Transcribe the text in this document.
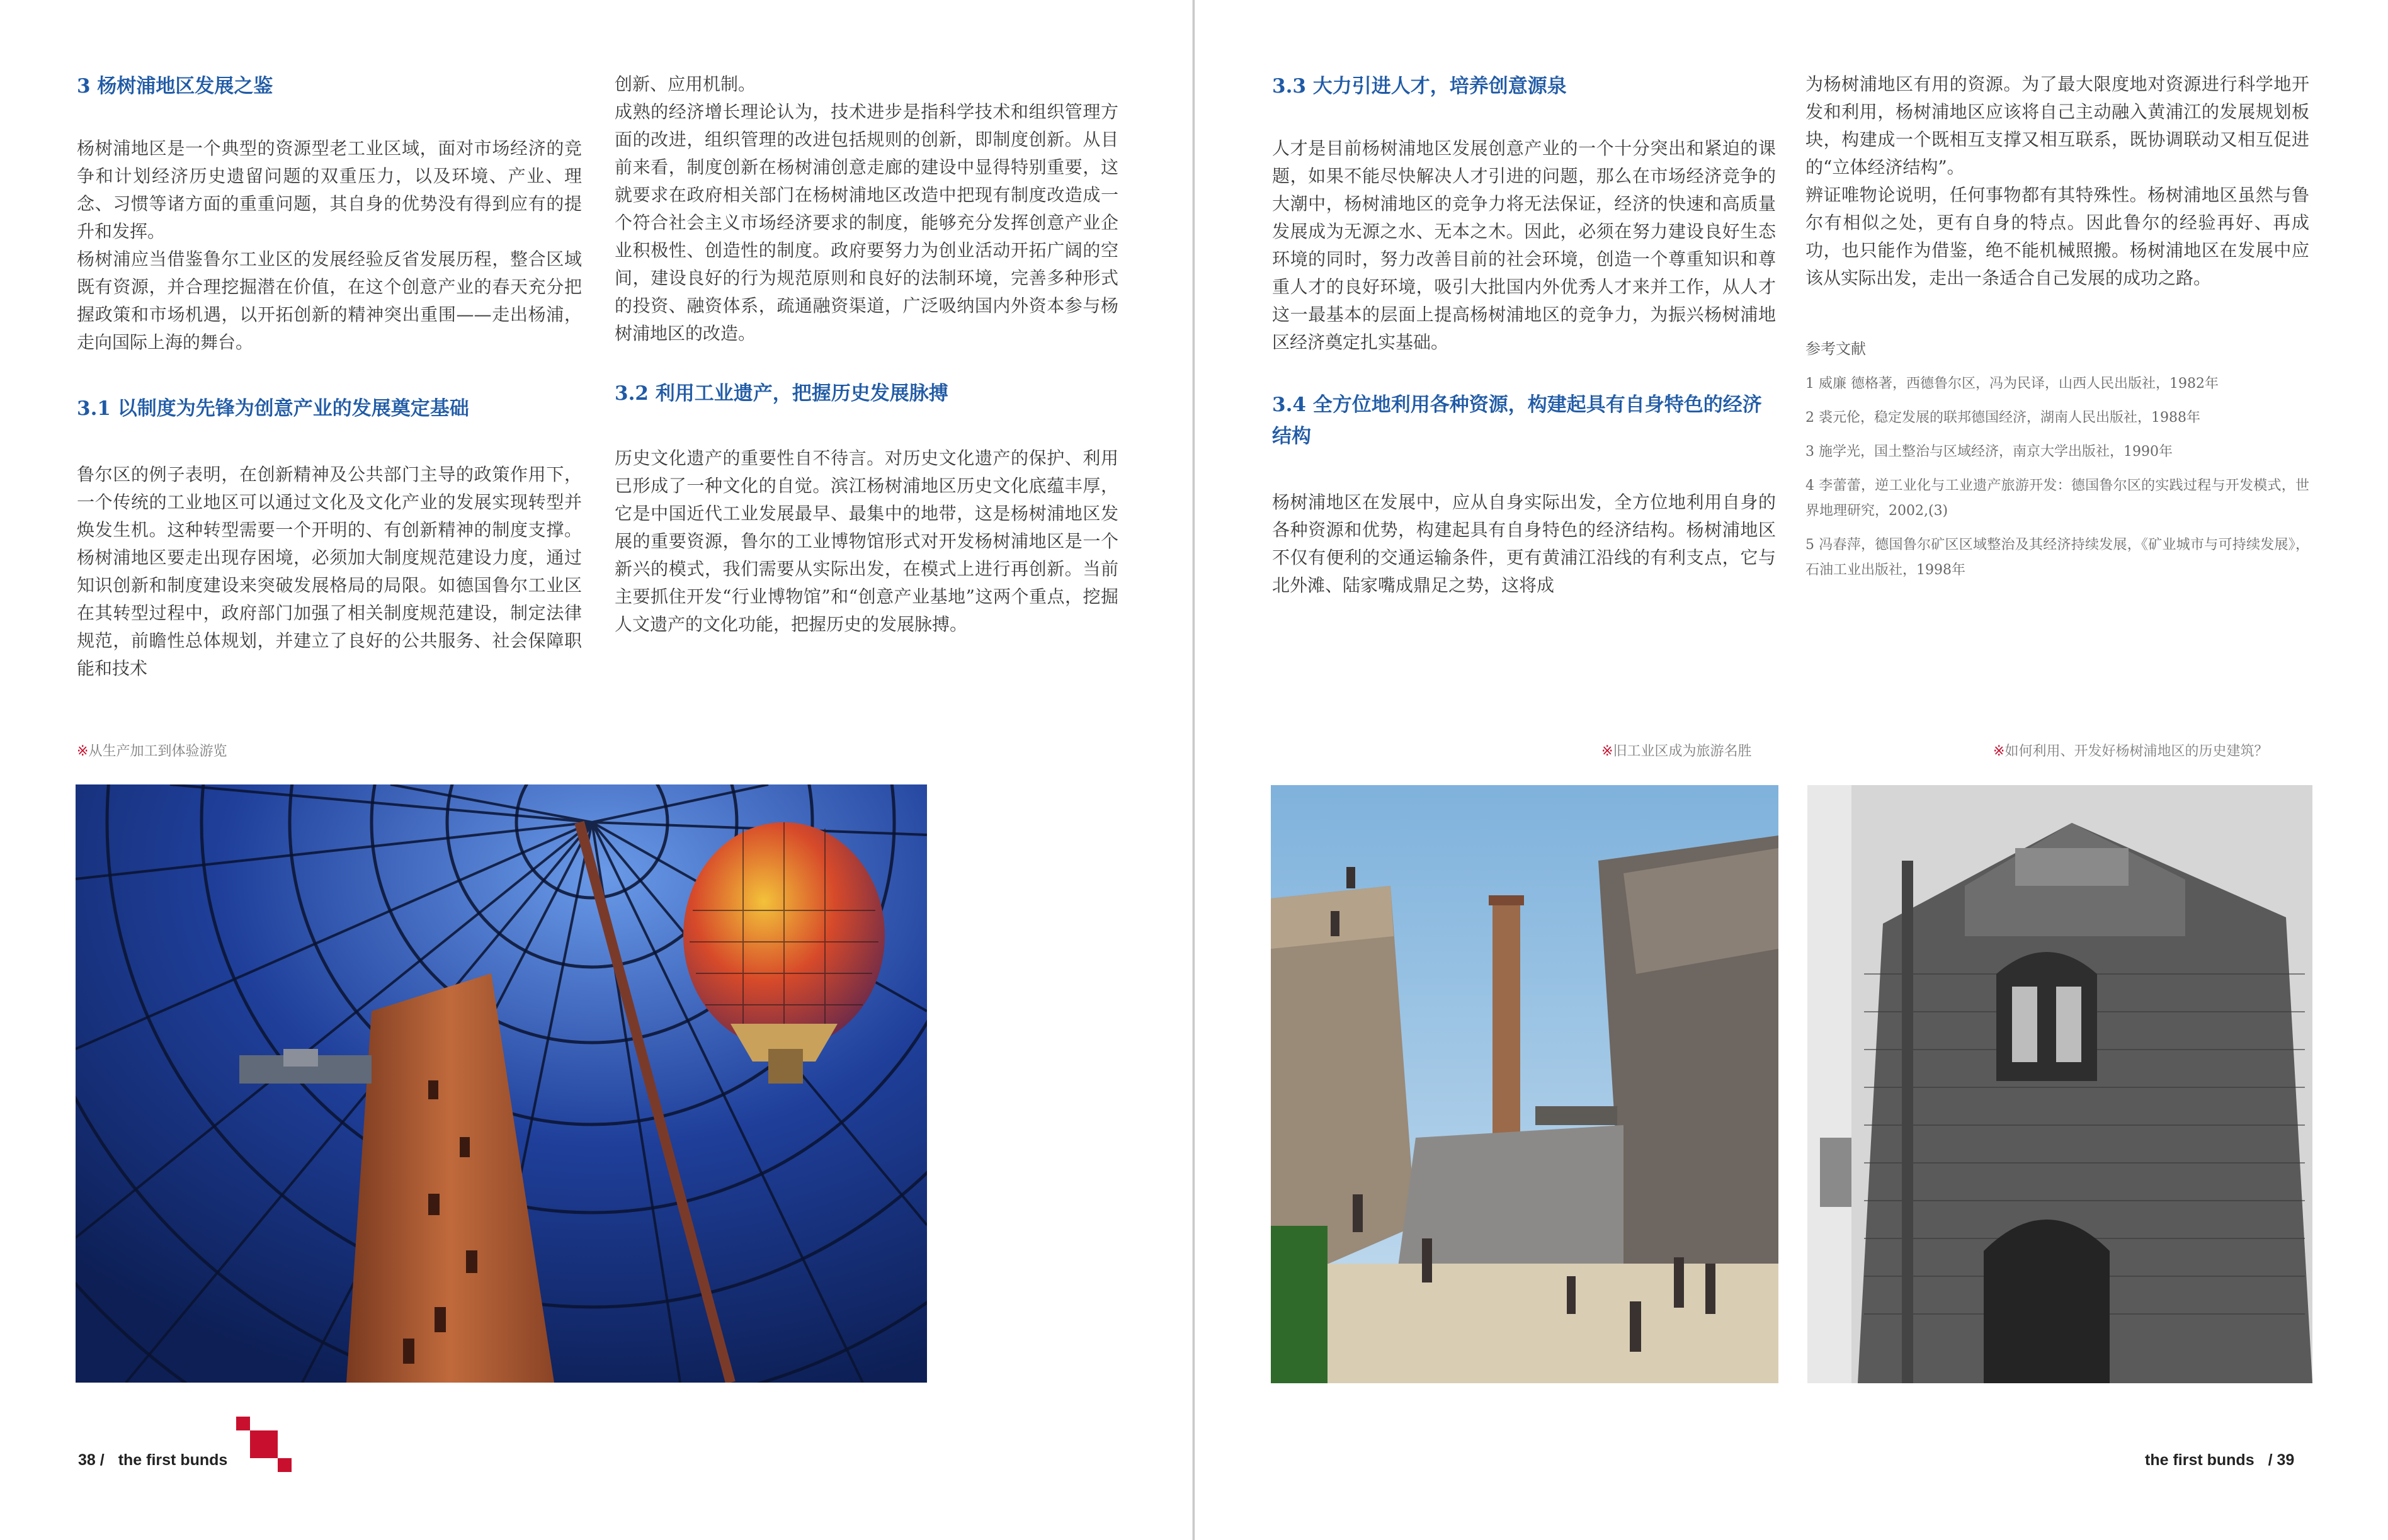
3 杨树浦地区发展之鉴

杨树浦地区是一个典型的资源型老工业区域，面对市场经济的竞争和计划经济历史遗留问题的双重压力，以及环境、产业、理念、习惯等诸方面的重重问题，其自身的优势没有得到应有的提升和发挥。

杨树浦应当借鉴鲁尔工业区的发展经验反省发展历程，整合区域既有资源，并合理挖掘潜在价值，在这个创意产业的春天充分把握政策和市场机遇，以开拓创新的精神突出重围——走出杨浦，走向国际上海的舞台。

3.1 以制度为先锋为创意产业的发展奠定基础

鲁尔区的例子表明，在创新精神及公共部门主导的政策作用下，一个传统的工业地区可以通过文化及文化产业的发展实现转型并焕发生机。这种转型需要一个开明的、有创新精神的制度支撑。杨树浦地区要走出现存困境，必须加大制度规范建设力度，通过知识创新和制度建设来突破发展格局的局限。如德国鲁尔工业区在其转型过程中，政府部门加强了相关制度规范建设，制定法律规范，前瞻性总体规划，并建立了良好的公共服务、社会保障职能和技术

创新、应用机制。

成熟的经济增长理论认为，技术进步是指科学技术和组织管理方面的改进，组织管理的改进包括规则的创新，即制度创新。从目前来看，制度创新在杨树浦创意走廊的建设中显得特别重要，这就要求在政府相关部门在杨树浦地区改造中把现有制度改造成一个符合社会主义市场经济要求的制度，能够充分发挥创意产业企业积极性、创造性的制度。政府要努力为创业活动开拓广阔的空间，建设良好的行为规范原则和良好的法制环境，完善多种形式的投资、融资体系，疏通融资渠道，广泛吸纳国内外资本参与杨树浦地区的改造。

3.2 利用工业遗产，把握历史发展脉搏

历史文化遗产的重要性自不待言。对历史文化遗产的保护、利用已形成了一种文化的自觉。滨江杨树浦地区历史文化底蕴丰厚，它是中国近代工业发展最早、最集中的地带，这是杨树浦地区发展的重要资源，鲁尔的工业博物馆形式对开发杨树浦地区是一个新兴的模式，我们需要从实际出发，在模式上进行再创新。当前主要抓住开发“行业博物馆”和“创意产业基地”这两个重点，挖掘人文遗产的文化功能，把握历史的发展脉搏。

※从生产加工到体验游览
38 / the first bunds
3.3 大力引进人才，培养创意源泉

人才是目前杨树浦地区发展创意产业的一个十分突出和紧迫的课题，如果不能尽快解决人才引进的问题，那么在市场经济竞争的大潮中，杨树浦地区的竞争力将无法保证，经济的快速和高质量发展成为无源之水、无本之木。因此，必须在努力建设良好生态环境的同时，努力改善目前的社会环境，创造一个尊重知识和尊重人才的良好环境，吸引大批国内外优秀人才来并工作，从人才这一最基本的层面上提高杨树浦地区的竞争力，为振兴杨树浦地区经济奠定扎实基础。

3.4 全方位地利用各种资源，构建起具有自身特色的经济结构

杨树浦地区在发展中，应从自身实际出发，全方位地利用自身的各种资源和优势，构建起具有自身特色的经济结构。杨树浦地区不仅有便利的交通运输条件，更有黄浦江沿线的有利支点，它与北外滩、陆家嘴成鼎足之势，这将成

为杨树浦地区有用的资源。为了最大限度地对资源进行科学地开发和利用，杨树浦地区应该将自己主动融入黄浦江的发展规划板块，构建成一个既相互支撑又相互联系，既协调联动又相互促进的“立体经济结构”。

辨证唯物论说明，任何事物都有其特殊性。杨树浦地区虽然与鲁尔有相似之处，更有自身的特点。因此鲁尔的经验再好、再成功，也只能作为借鉴，绝不能机械照搬。杨树浦地区在发展中应该从实际出发，走出一条适合自己发展的成功之路。

参考文献

1 威廉 德格著，西德鲁尔区，冯为民译，山西人民出版社，1982年

2 裘元伦，稳定发展的联邦德国经济，湖南人民出版社，1988年

3 施学光，国土整治与区域经济，南京大学出版社，1990年

4 李蕾蕾，逆工业化与工业遗产旅游开发：德国鲁尔区的实践过程与开发模式，世界地理研究，2002,(3)

5 冯春萍，德国鲁尔矿区区域整治及其经济持续发展，《矿业城市与可持续发展》，石油工业出版社，1998年

※旧工业区成为旅游名胜	※如何利用、开发好杨树浦地区的历史建筑？
the first bunds / 39
